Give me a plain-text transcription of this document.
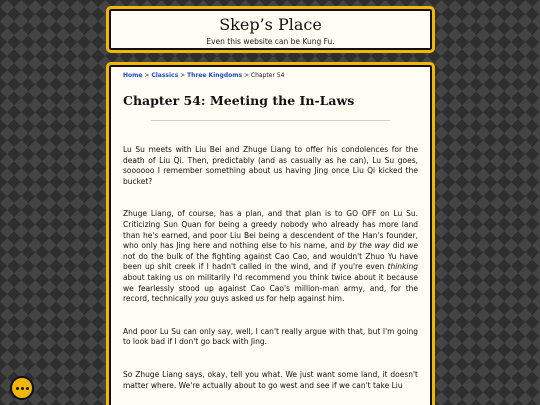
Skep’s Place
Even this website can be Kung Fu.
Home > Classics > Three Kingdoms > Chapter 54
Chapter 54: Meeting the In-Laws

Lu Su meets with Liu Bei and Zhuge Liang to offer his condolences for the death of Liu Qi. Then, predictably (and as casually as he can), Lu Su goes, soooooo I remember something about us having Jing once Liu Qi kicked the bucket?

Zhuge Liang, of course, has a plan, and that plan is to GO OFF on Lu Su. Criticizing Sun Quan for being a greedy nobody who already has more land than he's earned, and poor Liu Bei being a descendent of the Han's founder, who only has Jing here and nothing else to his name, and by the way did we not do the bulk of the fighting against Cao Cao, and wouldn't Zhuo Yu have been up shit creek if I hadn't called in the wind, and if you're even thinking about taking us on militarily I'd recommend you think twice about it because we fearlessly stood up against Cao Cao's million-man army, and, for the record, technically you guys asked us for help against him.

And poor Lu Su can only say, well, I can't really argue with that, but I'm going to look bad if I don't go back with Jing.

So Zhuge Liang says, okay, tell you what. We just want some land, it doesn't matter where. We're actually about to go west and see if we can't take Liu
